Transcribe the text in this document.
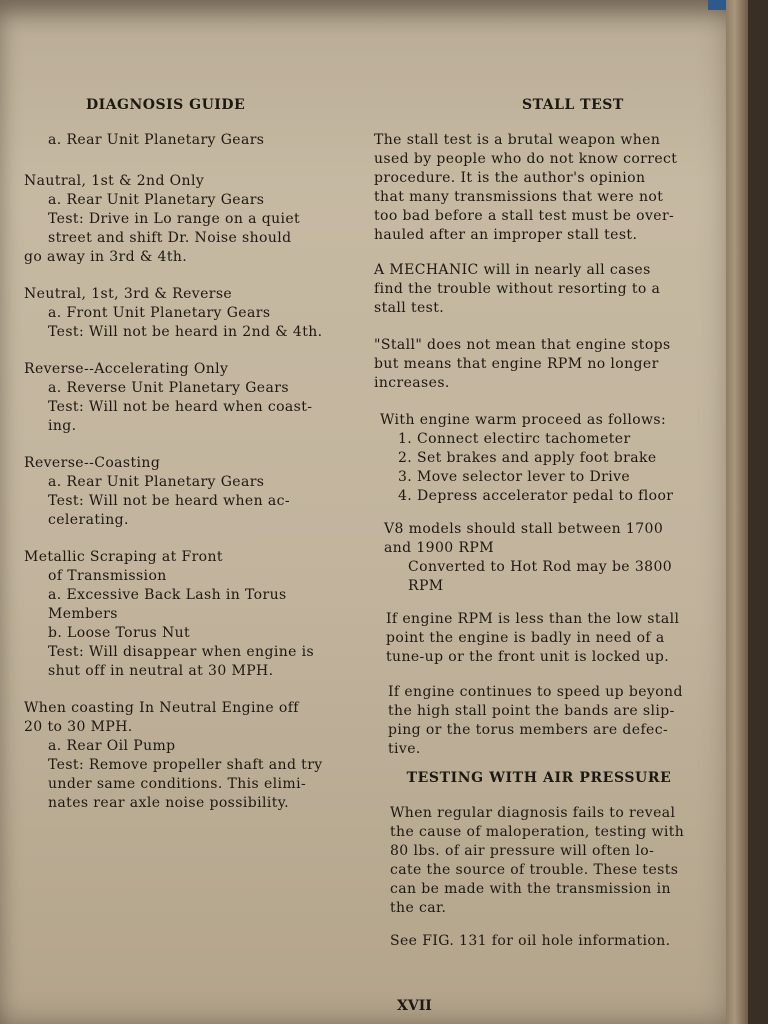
DIAGNOSIS GUIDE	STALL TEST

a. Rear Unit Planetary Gears

Nautral, 1st & 2nd Only

a. Rear Unit Planetary Gears

Test: Drive in Lo range on a quiet

street and shift Dr. Noise should

go away in 3rd & 4th.

Neutral, 1st, 3rd & Reverse

a. Front Unit Planetary Gears

Test: Will not be heard in 2nd & 4th.

Reverse--Accelerating Only

a. Reverse Unit Planetary Gears

Test: Will not be heard when coast-

ing.

Reverse--Coasting

a. Rear Unit Planetary Gears

Test: Will not be heard when ac-

celerating.

Metallic Scraping at Front

of Transmission

a. Excessive Back Lash in Torus

Members

b. Loose Torus Nut

Test: Will disappear when engine is

shut off in neutral at 30 MPH.

When coasting In Neutral Engine off

20 to 30 MPH.

a. Rear Oil Pump

Test: Remove propeller shaft and try

under same conditions. This elimi-

nates rear axle noise possibility.

The stall test is a brutal weapon when

used by people who do not know correct

procedure. It is the author's opinion

that many transmissions that were not

too bad before a stall test must be over-

hauled after an improper stall test.

A MECHANIC will in nearly all cases

find the trouble without resorting to a

stall test.

"Stall" does not mean that engine stops

but means that engine RPM no longer

increases.

With engine warm proceed as follows:

1. Connect electirc tachometer

2. Set brakes and apply foot brake

3. Move selector lever to Drive

4. Depress accelerator pedal to floor

V8 models should stall between 1700

and 1900 RPM

Converted to Hot Rod may be 3800

RPM

If engine RPM is less than the low stall

point the engine is badly in need of a

tune-up or the front unit is locked up.

If engine continues to speed up beyond

the high stall point the bands are slip-

ping or the torus members are defec-

tive.

TESTING WITH AIR PRESSURE

When regular diagnosis fails to reveal

the cause of maloperation, testing with

80 lbs. of air pressure will often lo-

cate the source of trouble. These tests

can be made with the transmission in

the car.

See FIG. 131 for oil hole information.

XVII
